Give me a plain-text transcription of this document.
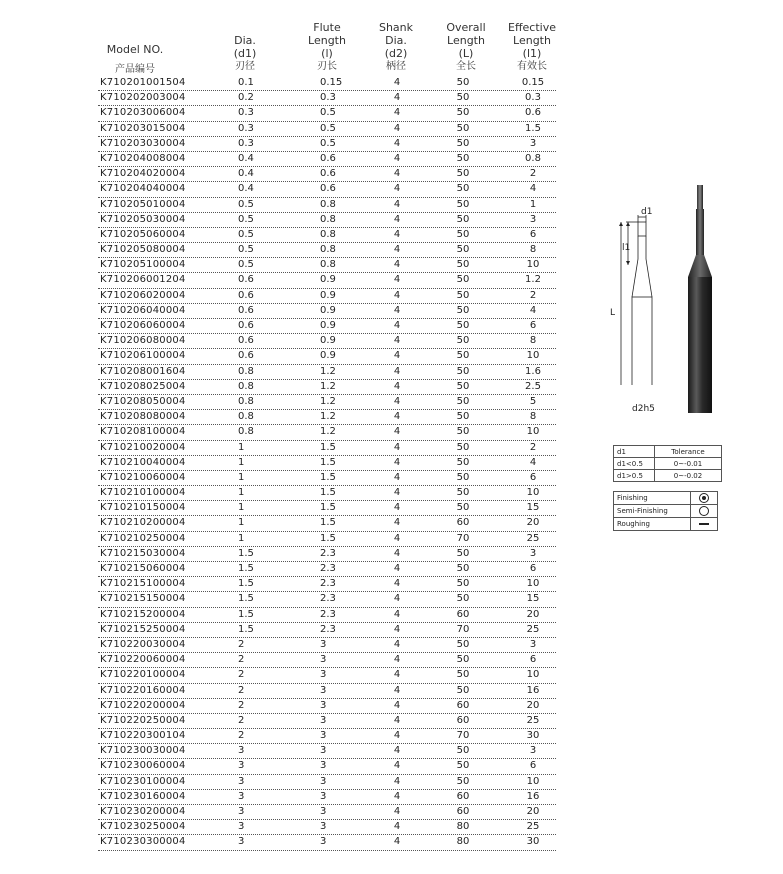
Model NO.

产品编号
Dia.
(d1)

刃径
Flute
Length
(l)

刃长
Shank
Dia.
(d2)

柄径
Overall
Length
(L)

全长
Effective
Length
(l1)

有效长
K710201001504	0.1	0.15	4	50	0.15
K710202003004	0.2	0.3	4	50	0.3
K710203006004	0.3	0.5	4	50	0.6
K710203015004	0.3	0.5	4	50	1.5
K710203030004	0.3	0.5	4	50	3
K710204008004	0.4	0.6	4	50	0.8
K710204020004	0.4	0.6	4	50	2
K710204040004	0.4	0.6	4	50	4
K710205010004	0.5	0.8	4	50	1
K710205030004	0.5	0.8	4	50	3
K710205060004	0.5	0.8	4	50	6
K710205080004	0.5	0.8	4	50	8
K710205100004	0.5	0.8	4	50	10
K710206001204	0.6	0.9	4	50	1.2
K710206020004	0.6	0.9	4	50	2
K710206040004	0.6	0.9	4	50	4
K710206060004	0.6	0.9	4	50	6
K710206080004	0.6	0.9	4	50	8
K710206100004	0.6	0.9	4	50	10
K710208001604	0.8	1.2	4	50	1.6
K710208025004	0.8	1.2	4	50	2.5
K710208050004	0.8	1.2	4	50	5
K710208080004	0.8	1.2	4	50	8
K710208100004	0.8	1.2	4	50	10
K710210020004	1	1.5	4	50	2
K710210040004	1	1.5	4	50	4
K710210060004	1	1.5	4	50	6
K710210100004	1	1.5	4	50	10
K710210150004	1	1.5	4	50	15
K710210200004	1	1.5	4	60	20
K710210250004	1	1.5	4	70	25
K710215030004	1.5	2.3	4	50	3
K710215060004	1.5	2.3	4	50	6
K710215100004	1.5	2.3	4	50	10
K710215150004	1.5	2.3	4	50	15
K710215200004	1.5	2.3	4	60	20
K710215250004	1.5	2.3	4	70	25
K710220030004	2	3	4	50	3
K710220060004	2	3	4	50	6
K710220100004	2	3	4	50	10
K710220160004	2	3	4	50	16
K710220200004	2	3	4	60	20
K710220250004	2	3	4	60	25
K710220300104	2	3	4	70	30
K710230030004	3	3	4	50	3
K710230060004	3	3	4	50	6
K710230100004	3	3	4	50	10
K710230160004	3	3	4	60	16
K710230200004	3	3	4	60	20
K710230250004	3	3	4	80	25
K710230300004	3	3	4	80	30
d1
l1
L
d2h5
d1	Tolerance
d1<0.5	0~-0.01
d1>0.5	0~-0.02
Finishing	
Semi-Finishing	
Roughing	
